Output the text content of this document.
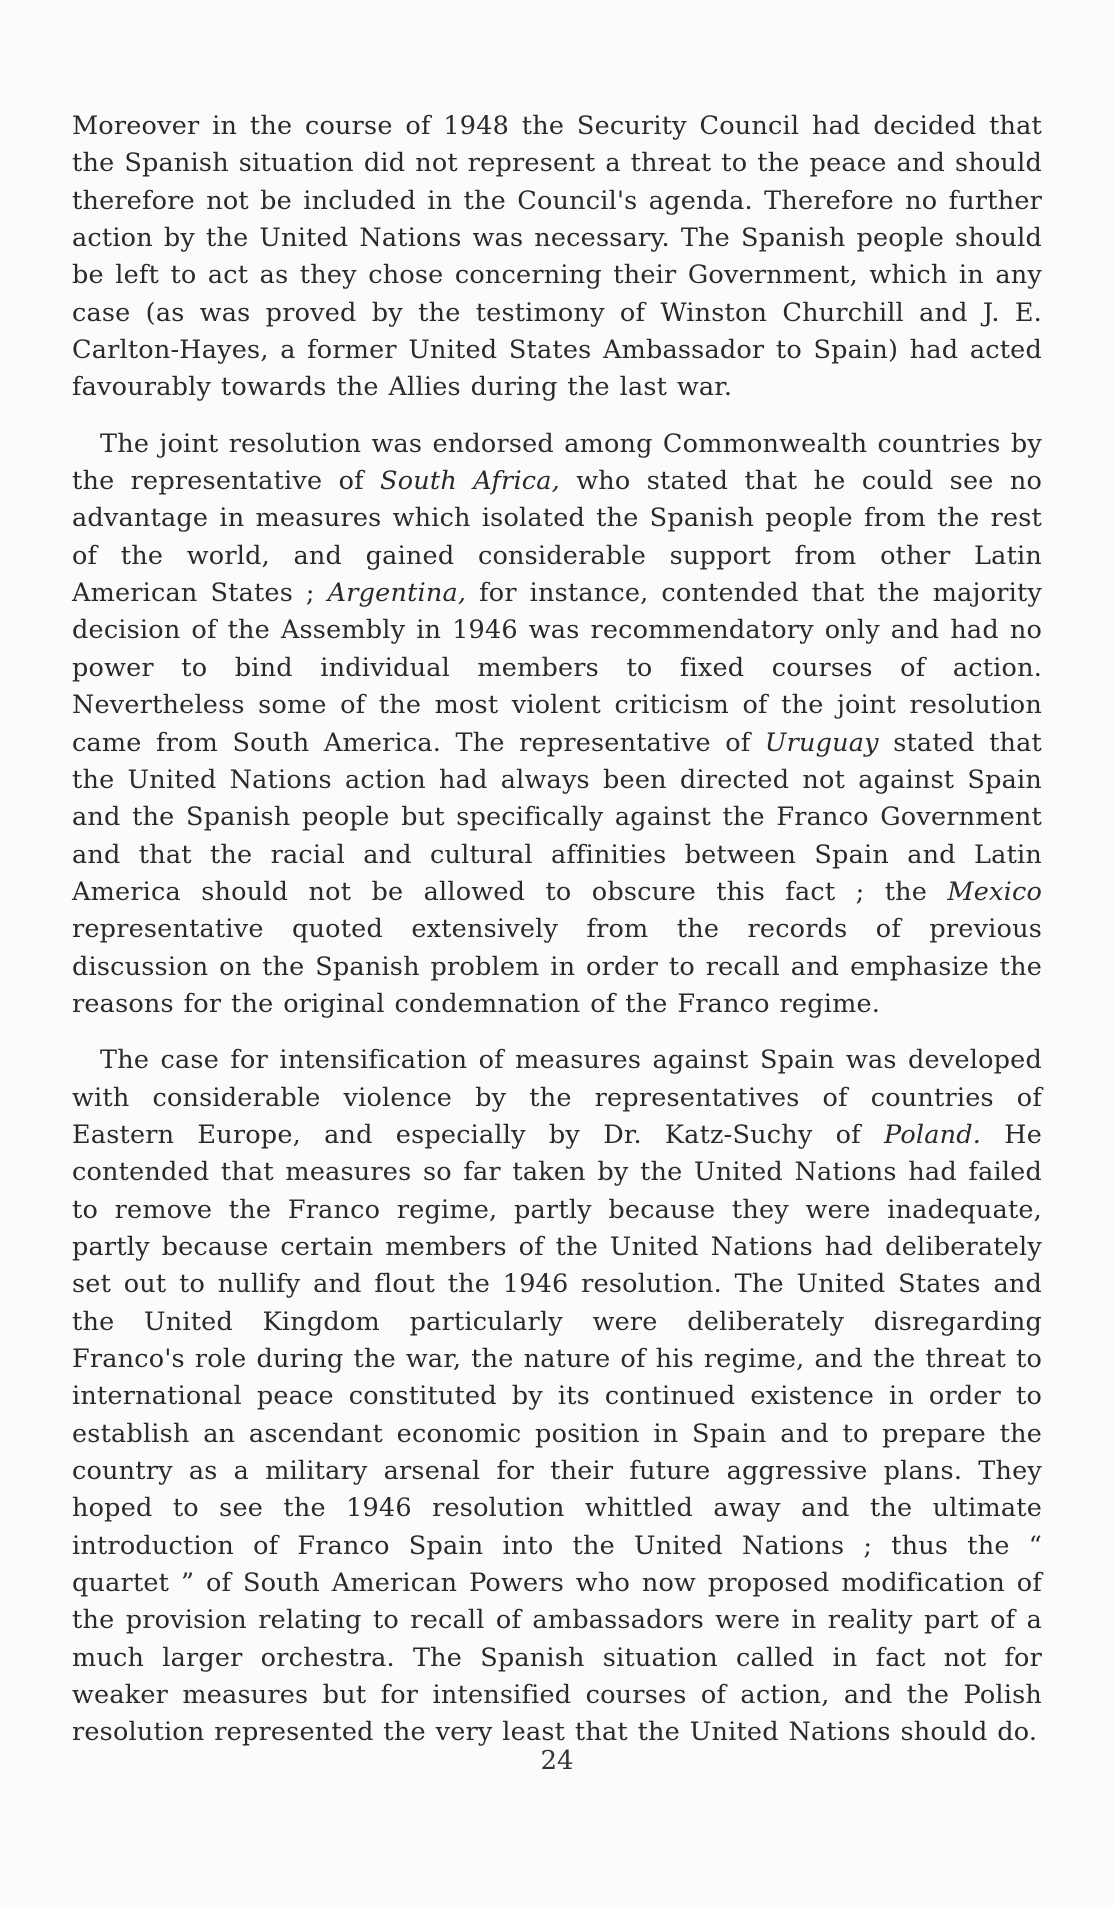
Moreover in the course of 1948 the Security Council had decided that the Spanish situation did not represent a threat to the peace and should therefore not be included in the Council's agenda. Therefore no further action by the United Nations was necessary. The Spanish people should be left to act as they chose concerning their Government, which in any case (as was proved by the testimony of Winston Churchill and J. E. Carlton-Hayes, a former United States Ambassador to Spain) had acted favourably towards the Allies during the last war.

The joint resolution was endorsed among Commonwealth countries by the representative of South Africa, who stated that he could see no advantage in measures which isolated the Spanish people from the rest of the world, and gained considerable support from other Latin American States ; Argentina, for instance, contended that the majority decision of the Assembly in 1946 was recommendatory only and had no power to bind individual members to fixed courses of action. Nevertheless some of the most violent criticism of the joint resolution came from South America. The representative of Uruguay stated that the United Nations action had always been directed not against Spain and the Spanish people but specifically against the Franco Government and that the racial and cultural affinities between Spain and Latin America should not be allowed to obscure this fact ; the Mexico representative quoted extensively from the records of previous discussion on the Spanish problem in order to recall and emphasize the reasons for the original condemnation of the Franco regime.

The case for intensification of measures against Spain was developed with considerable violence by the representatives of countries of Eastern Europe, and especially by Dr. Katz-Suchy of Poland. He contended that measures so far taken by the United Nations had failed to remove the Franco regime, partly because they were inadequate, partly because certain members of the United Nations had deliberately set out to nullify and flout the 1946 resolution. The United States and the United Kingdom particularly were deliberately disregarding Franco's role during the war, the nature of his regime, and the threat to international peace constituted by its continued existence in order to establish an ascendant economic position in Spain and to prepare the country as a military arsenal for their future aggressive plans. They hoped to see the 1946 resolution whittled away and the ultimate introduction of Franco Spain into the United Nations ; thus the “ quartet ” of South American Powers who now proposed modification of the provision relating to recall of ambassadors were in reality part of a much larger orchestra. The Spanish situation called in fact not for weaker measures but for intensified courses of action, and the Polish resolution represented the very least that the United Nations should do.

24
